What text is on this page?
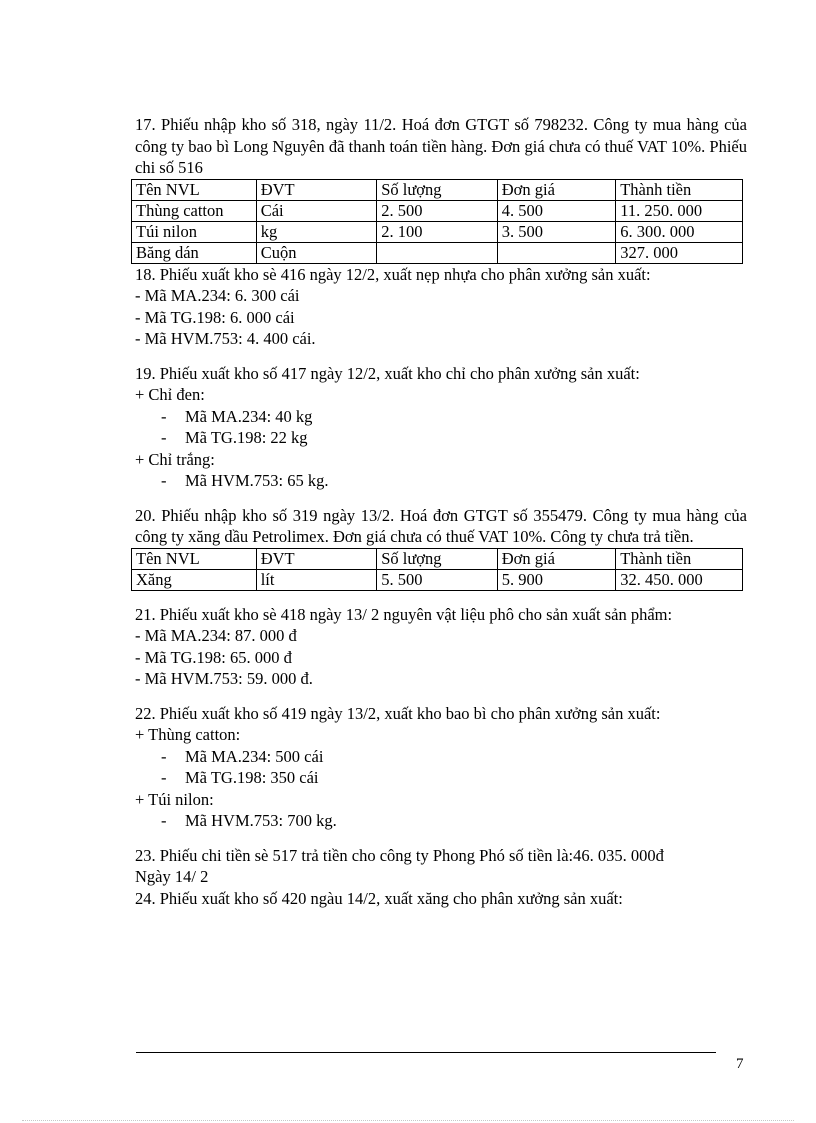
17. Phiếu nhập kho số 318, ngày 11/2. Hoá đơn GTGT số 798232. Công ty mua hàng của công ty bao bì Long Nguyên đã thanh toán tiền hàng. Đơn giá chưa có thuế VAT 10%. Phiếu chi số 516

Tên NVL	ĐVT	Số lượng	Đơn giá	Thành tiền
Thùng catton	Cái	2. 500	4. 500	11. 250. 000
Túi nilon	kg	2. 100	3. 500	6. 300. 000
Băng dán	Cuộn			327. 000

18. Phiếu xuất kho sè 416 ngày 12/2, xuất nẹp nhựa cho phân xưởng sản xuất:

- Mã MA.234: 6. 300 cái

- Mã TG.198: 6. 000 cái

- Mã HVM.753: 4. 400 cái.

19. Phiếu xuất kho số 417 ngày 12/2, xuất kho chỉ cho phân xưởng sản xuất:

+ Chỉ đen:

-	Mã MA.234: 40 kg

-	Mã TG.198: 22 kg

+ Chỉ trắng:

-	Mã HVM.753: 65 kg.

20. Phiếu nhập kho số 319 ngày 13/2. Hoá đơn GTGT số 355479. Công ty mua hàng của công ty xăng dầu Petrolimex. Đơn giá chưa có thuế VAT 10%. Công ty chưa trả tiền.

Tên NVL	ĐVT	Số lượng	Đơn giá	Thành tiền
Xăng	lít	5. 500	5. 900	32. 450. 000

21. Phiếu xuất kho sè 418 ngày 13/ 2 nguyên vật liệu phô cho sản xuất sản phẩm:

- Mã MA.234: 87. 000 đ

- Mã TG.198: 65. 000 đ

- Mã HVM.753: 59. 000 đ.

22. Phiếu xuất kho số 419 ngày 13/2, xuất kho bao bì cho phân xưởng sản xuất:

+ Thùng catton:

-	Mã MA.234: 500 cái

-	Mã TG.198: 350 cái

+ Túi nilon:

-	Mã HVM.753: 700 kg.

23. Phiếu chi tiền sè 517 trả tiền cho công ty Phong Phó số tiền là:46. 035. 000đ

Ngày 14/ 2

24. Phiếu xuất kho số 420 ngàu 14/2, xuất xăng cho phân xưởng sản xuất:

7
